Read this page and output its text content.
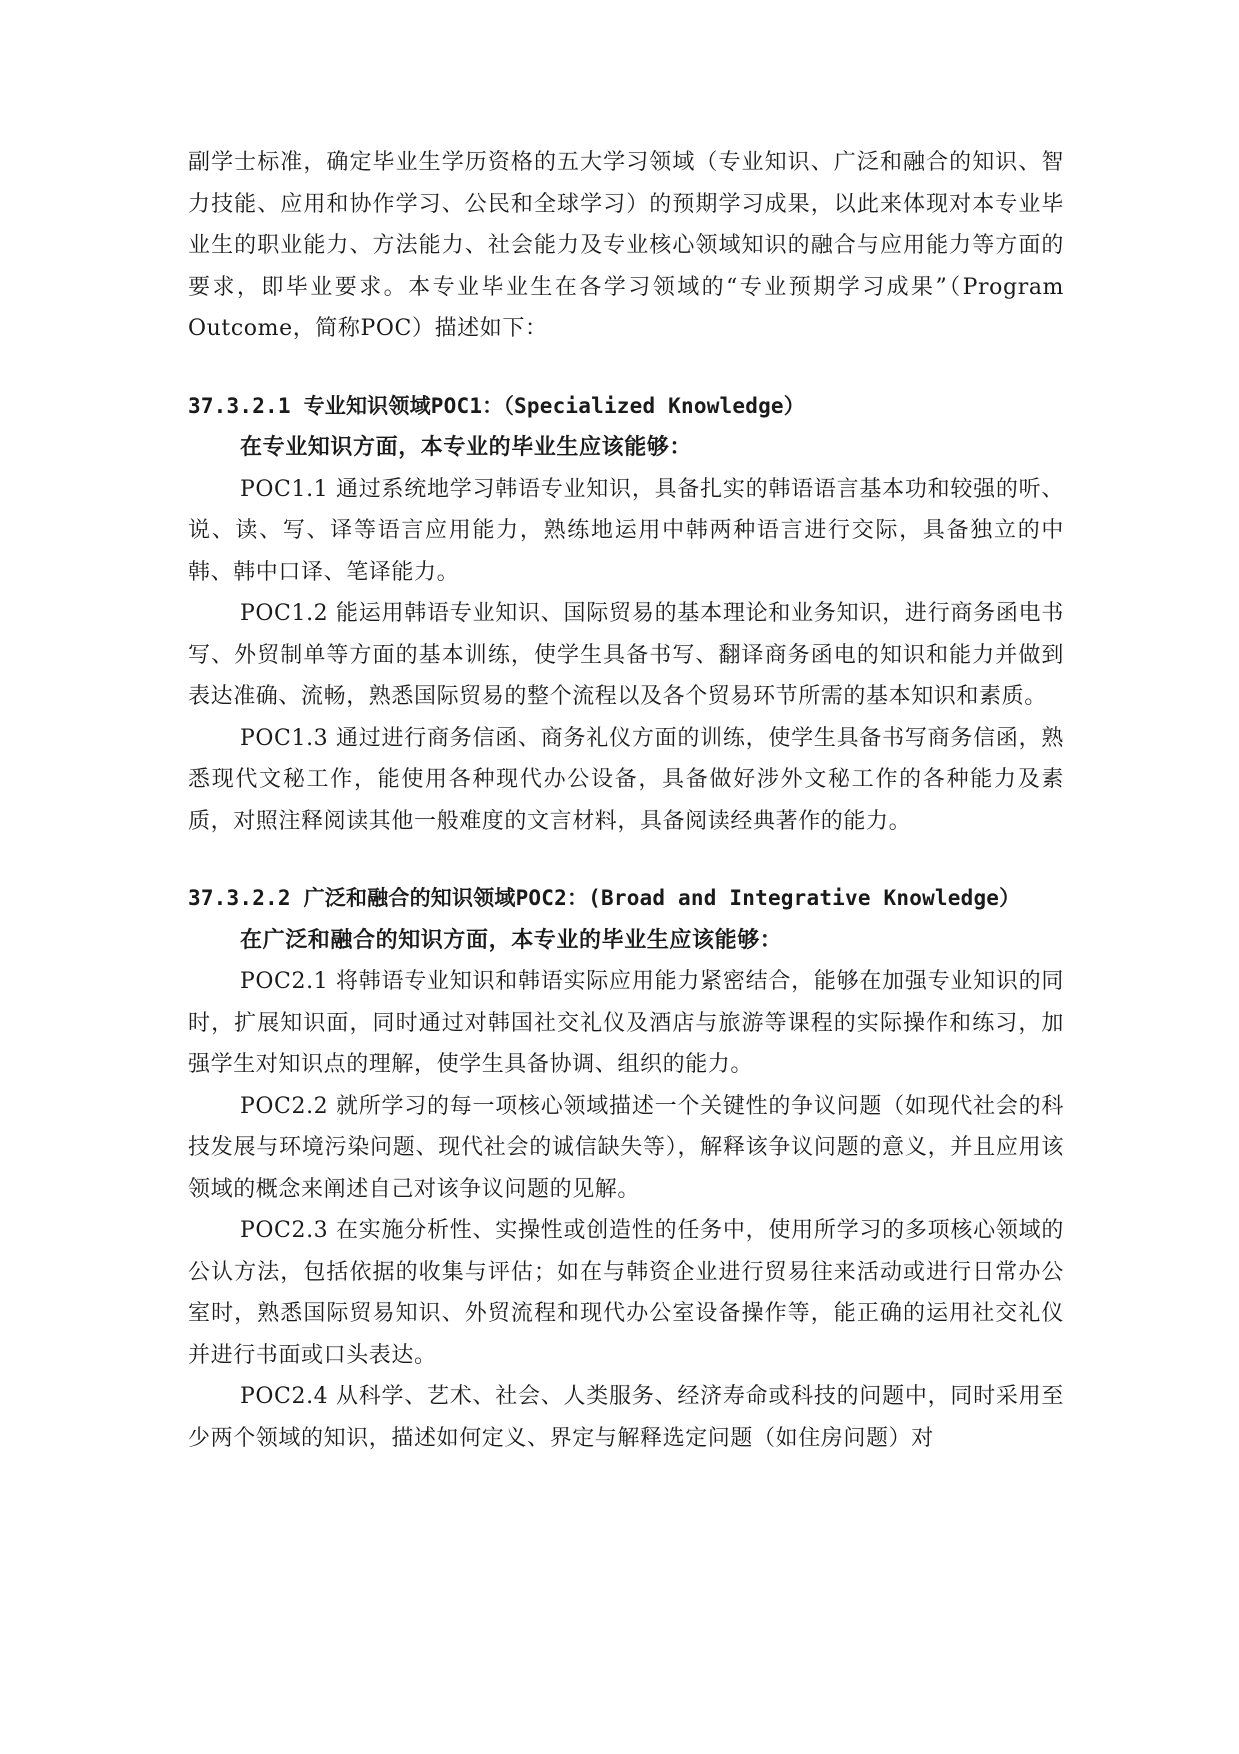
副学士标准，确定毕业生学历资格的五大学习领域（专业知识、广泛和融合的知识、智力技能、应用和协作学习、公民和全球学习）的预期学习成果，以此来体现对本专业毕业生的职业能力、方法能力、社会能力及专业核心领域知识的融合与应用能力等方面的要求，即毕业要求。本专业毕业生在各学习领域的“专业预期学习成果”（Program Outcome，简称POC）描述如下：

37.3.2.1 专业知识领域POC1：（Specialized Knowledge）

在专业知识方面，本专业的毕业生应该能够：

POC1.1 通过系统地学习韩语专业知识，具备扎实的韩语语言基本功和较强的听、说、读、写、译等语言应用能力，熟练地运用中韩两种语言进行交际，具备独立的中韩、韩中口译、笔译能力。

POC1.2 能运用韩语专业知识、国际贸易的基本理论和业务知识，进行商务函电书写、外贸制单等方面的基本训练，使学生具备书写、翻译商务函电的知识和能力并做到表达准确、流畅，熟悉国际贸易的整个流程以及各个贸易环节所需的基本知识和素质。

POC1.3 通过进行商务信函、商务礼仪方面的训练，使学生具备书写商务信函，熟悉现代文秘工作，能使用各种现代办公设备，具备做好涉外文秘工作的各种能力及素质，对照注释阅读其他一般难度的文言材料，具备阅读经典著作的能力。

37.3.2.2 广泛和融合的知识领域POC2：(Broad and Integrative Knowledge）

在广泛和融合的知识方面，本专业的毕业生应该能够：

POC2.1 将韩语专业知识和韩语实际应用能力紧密结合，能够在加强专业知识的同时，扩展知识面，同时通过对韩国社交礼仪及酒店与旅游等课程的实际操作和练习，加强学生对知识点的理解，使学生具备协调、组织的能力。

POC2.2 就所学习的每一项核心领域描述一个关键性的争议问题（如现代社会的科技发展与环境污染问题、现代社会的诚信缺失等），解释该争议问题的意义，并且应用该领域的概念来阐述自己对该争议问题的见解。

POC2.3 在实施分析性、实操性或创造性的任务中，使用所学习的多项核心领域的公认方法，包括依据的收集与评估；如在与韩资企业进行贸易往来活动或进行日常办公室时，熟悉国际贸易知识、外贸流程和现代办公室设备操作等，能正确的运用社交礼仪并进行书面或口头表达。

POC2.4 从科学、艺术、社会、人类服务、经济寿命或科技的问题中，同时采用至少两个领域的知识，描述如何定义、界定与解释选定问题（如住房问题）对
